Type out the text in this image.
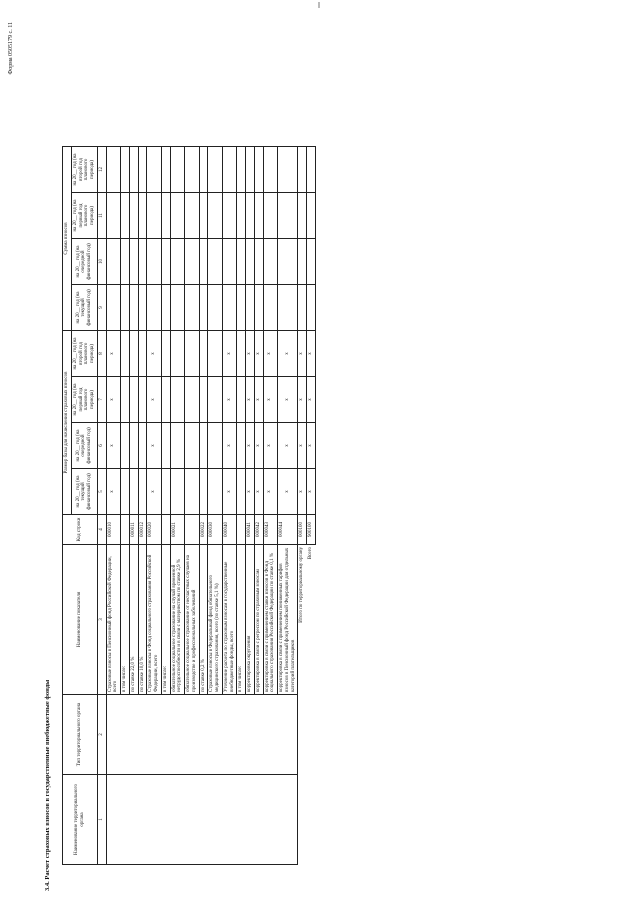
Форма 0505179 с. 11
3.4. Расчет страховых взносов в государственные внебюджетные фонды	Наименование территориального органа	Тип территориального органа	Наименование показателя	Код строки	Размер базы для начисления страховых взносов				Сумма взносов			
				на 20__ год (на текущий финансовый год)	на 20__ год (на очередной финансовый год)	на 20__ год (на первый год планового периода)	на 20__ год (на второй год планового периода)	на 20__ год (на текущий финансовый год)	на 20__ год (на очередной финансовый год)	на 20__ год (на первый год планового периода)	на 20__ год (на второй год планового периода)
1	2	3	4	5	6	7	8	9	10	11	12
		Страховые взносы в Пенсионный фонд Российской Федерации, всего	000010	x	x	x	x				
		в том числе:									
		по ставке 22,0 %	000011								
		по ставке 10,0 %	000012								
		Страховые взносы в Фонд социального страхования Российской Федерации, всего	000020	x	x	x	x				
		в том числе:									
		обязательное социальное страхование на случай временной нетрудоспособности и в связи с материнством по ставке 2,9 %	000021								
		обязательное социальное страхование от несчастных случаев на производстве и профессиональных заболеваний									
		по ставке 0,2 %	000022								
		Страховые взносы в Федеральный фонд обязательного медицинского страхования, всего (по ставке 5,1 %)	000030								
		Уточнение расчета по страховым взносам в государственные внебюджетные фонды, всего	000040	x	x	x	x				
		в том числе:									
		корректировка округления	000041	x	x	x	x				
		корректировка в связи с регрессом по страховым взносам	000042	x	x	x	x				
		корректировка в связи с применением ставки взносов в Фонд социального страхования Российской Федерации по ставке 0,1 %	000043	x	x	x	x				
		корректировка в связи с применением пониженных тарифов взносов в Пенсионный фонд Российской Федерации для отдельных категорий плательщиков	000044	x	x	x	x				
Итого по территориальному органу			000100	x	x	x	x				
Всего			900100	x	x	x	x				
